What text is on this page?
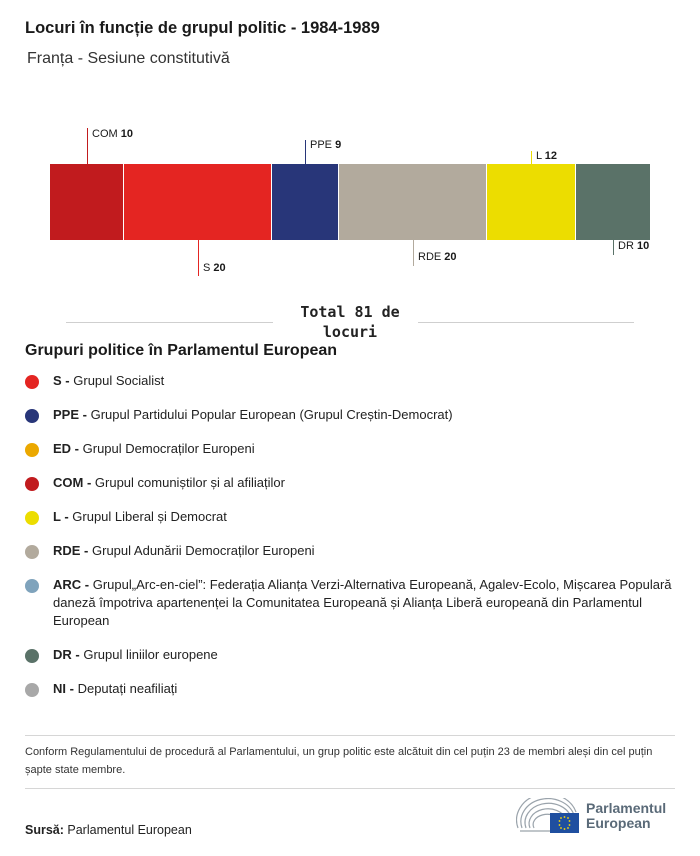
Locuri în funcție de grupul politic - 1984-1989
Franța - Sesiune constitutivă
COM 10
S 20
PPE 9
RDE 20
L 12
DR 10
Total 81 de locuri
Grupuri politice în Parlamentul European
S - Grupul Socialist
PPE - Grupul Partidului Popular European (Grupul Creștin-Democrat)
ED - Grupul Democraților Europeni
COM - Grupul comuniștilor și al afiliaților
L - Grupul Liberal și Democrat
RDE - Grupul Adunării Democraților Europeni
ARC - Grupul„Arc-en-ciel”: Federația Alianța Verzi-Alternativa Europeană, Agalev-Ecolo, Mișcarea Populară daneză împotriva apartenenței la Comunitatea Europeană și Alianța Liberă europeană din Parlamentul European
DR - Grupul liniilor europene
NI - Deputați neafiliați
Conform Regulamentului de procedură al Parlamentului, un grup politic este alcătuit din cel puțin 23 de membri aleși din cel puțin șapte state membre.
Sursă: Parlamentul European
Parlamentul
European
